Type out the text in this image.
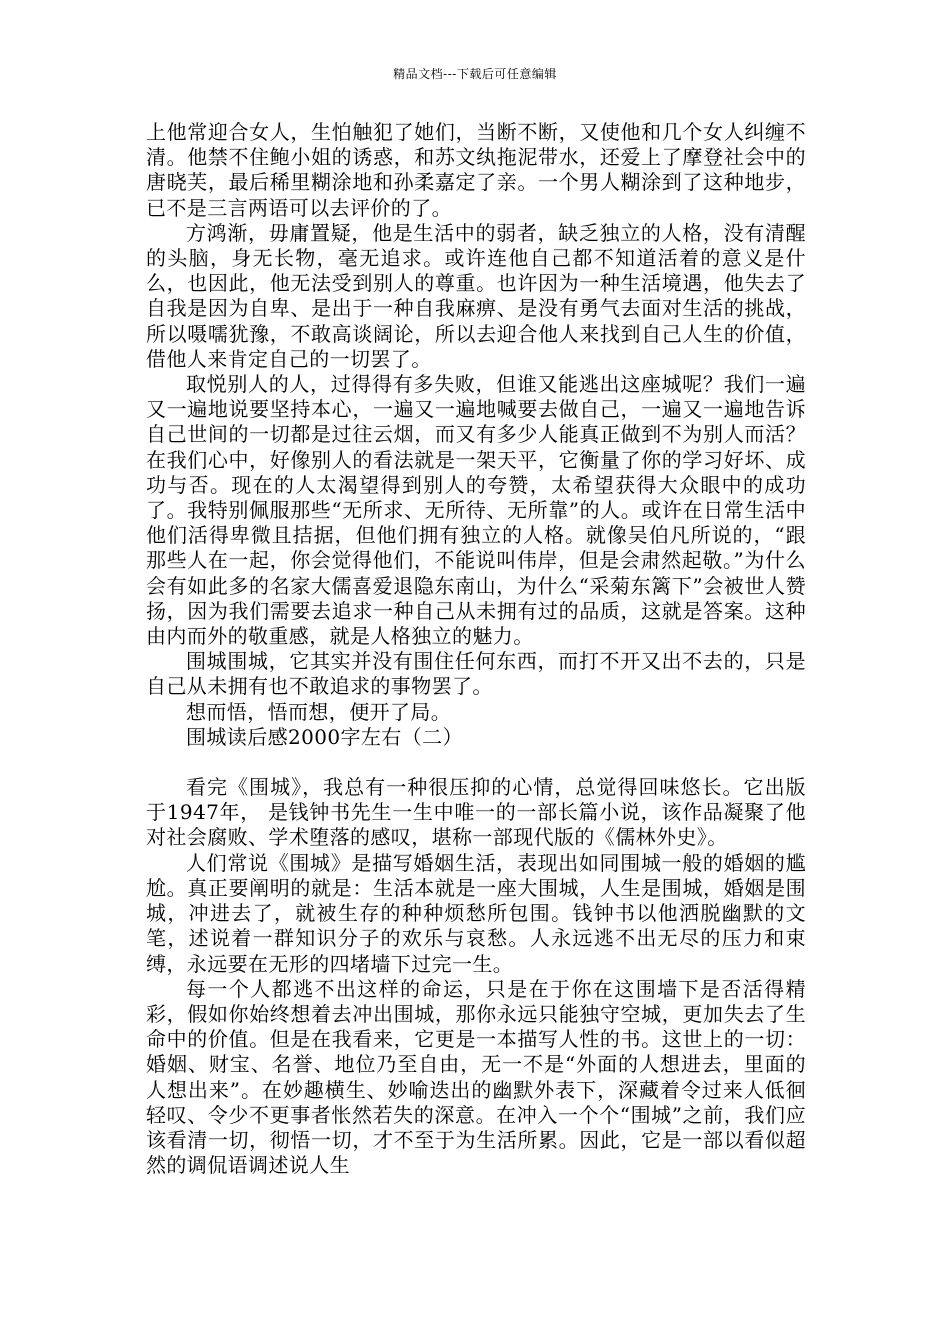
精品文档---下载后可任意编辑

上他常迎合女人，生怕触犯了她们，当断不断，又使他和几个女人纠缠不清。他禁不住鲍小姐的诱惑，和苏文纨拖泥带水，还爱上了摩登社会中的唐晓芙，最后稀里糊涂地和孙柔嘉定了亲。一个男人糊涂到了这种地步，已不是三言两语可以去评价的了。

方鸿渐，毋庸置疑，他是生活中的弱者，缺乏独立的人格，没有清醒的头脑，身无长物，毫无追求。或许连他自己都不知道活着的意义是什么，也因此，他无法受到别人的尊重。也许因为一种生活境遇，他失去了自我是因为自卑、是出于一种自我麻痹、是没有勇气去面对生活的挑战，所以嗫嚅犹豫，不敢高谈阔论，所以去迎合他人来找到自己人生的价值，借他人来肯定自己的一切罢了。

取悦别人的人，过得得有多失败，但谁又能逃出这座城呢？我们一遍又一遍地说要坚持本心，一遍又一遍地喊要去做自己，一遍又一遍地告诉自己世间的一切都是过往云烟，而又有多少人能真正做到不为别人而活？在我们心中，好像别人的看法就是一架天平，它衡量了你的学习好坏、成功与否。现在的人太渴望得到别人的夸赞，太希望获得大众眼中的成功了。我特别佩服那些“无所求、无所待、无所靠”的人。或许在日常生活中他们活得卑微且拮据，但他们拥有独立的人格。就像吴伯凡所说的，“跟那些人在一起，你会觉得他们，不能说叫伟岸，但是会肃然起敬。”为什么会有如此多的名家大儒喜爱退隐东南山，为什么“采菊东篱下”会被世人赞扬，因为我们需要去追求一种自己从未拥有过的品质，这就是答案。这种由内而外的敬重感，就是人格独立的魅力。

围城围城，它其实并没有围住任何东西，而打不开又出不去的，只是自己从未拥有也不敢追求的事物罢了。

想而悟，悟而想，便开了局。

围城读后感2000字左右（二）

看完《围城》，我总有一种很压抑的心情，总觉得回味悠长。它出版于1947年， 是钱钟书先生一生中唯一的一部长篇小说，该作品凝聚了他对社会腐败、学术堕落的感叹，堪称一部现代版的《儒林外史》。

人们常说《围城》是描写婚姻生活，表现出如同围城一般的婚姻的尴尬。真正要阐明的就是：生活本就是一座大围城，人生是围城，婚姻是围城，冲进去了，就被生存的种种烦愁所包围。钱钟书以他洒脱幽默的文笔，述说着一群知识分子的欢乐与哀愁。人永远逃不出无尽的压力和束缚，永远要在无形的四堵墙下过完一生。

每一个人都逃不出这样的命运，只是在于你在这围墙下是否活得精彩，假如你始终想着去冲出围城，那你永远只能独守空城，更加失去了生命中的价值。但是在我看来，它更是一本描写人性的书。这世上的一切：婚姻、财宝、名誉、地位乃至自由，无一不是“外面的人想进去，里面的人想出来”。在妙趣横生、妙喻迭出的幽默外表下，深藏着令过来人低徊轻叹、令少不更事者怅然若失的深意。在冲入一个个“围城”之前，我们应该看清一切，彻悟一切，才不至于为生活所累。因此，它是一部以看似超然的调侃语调述说人生
